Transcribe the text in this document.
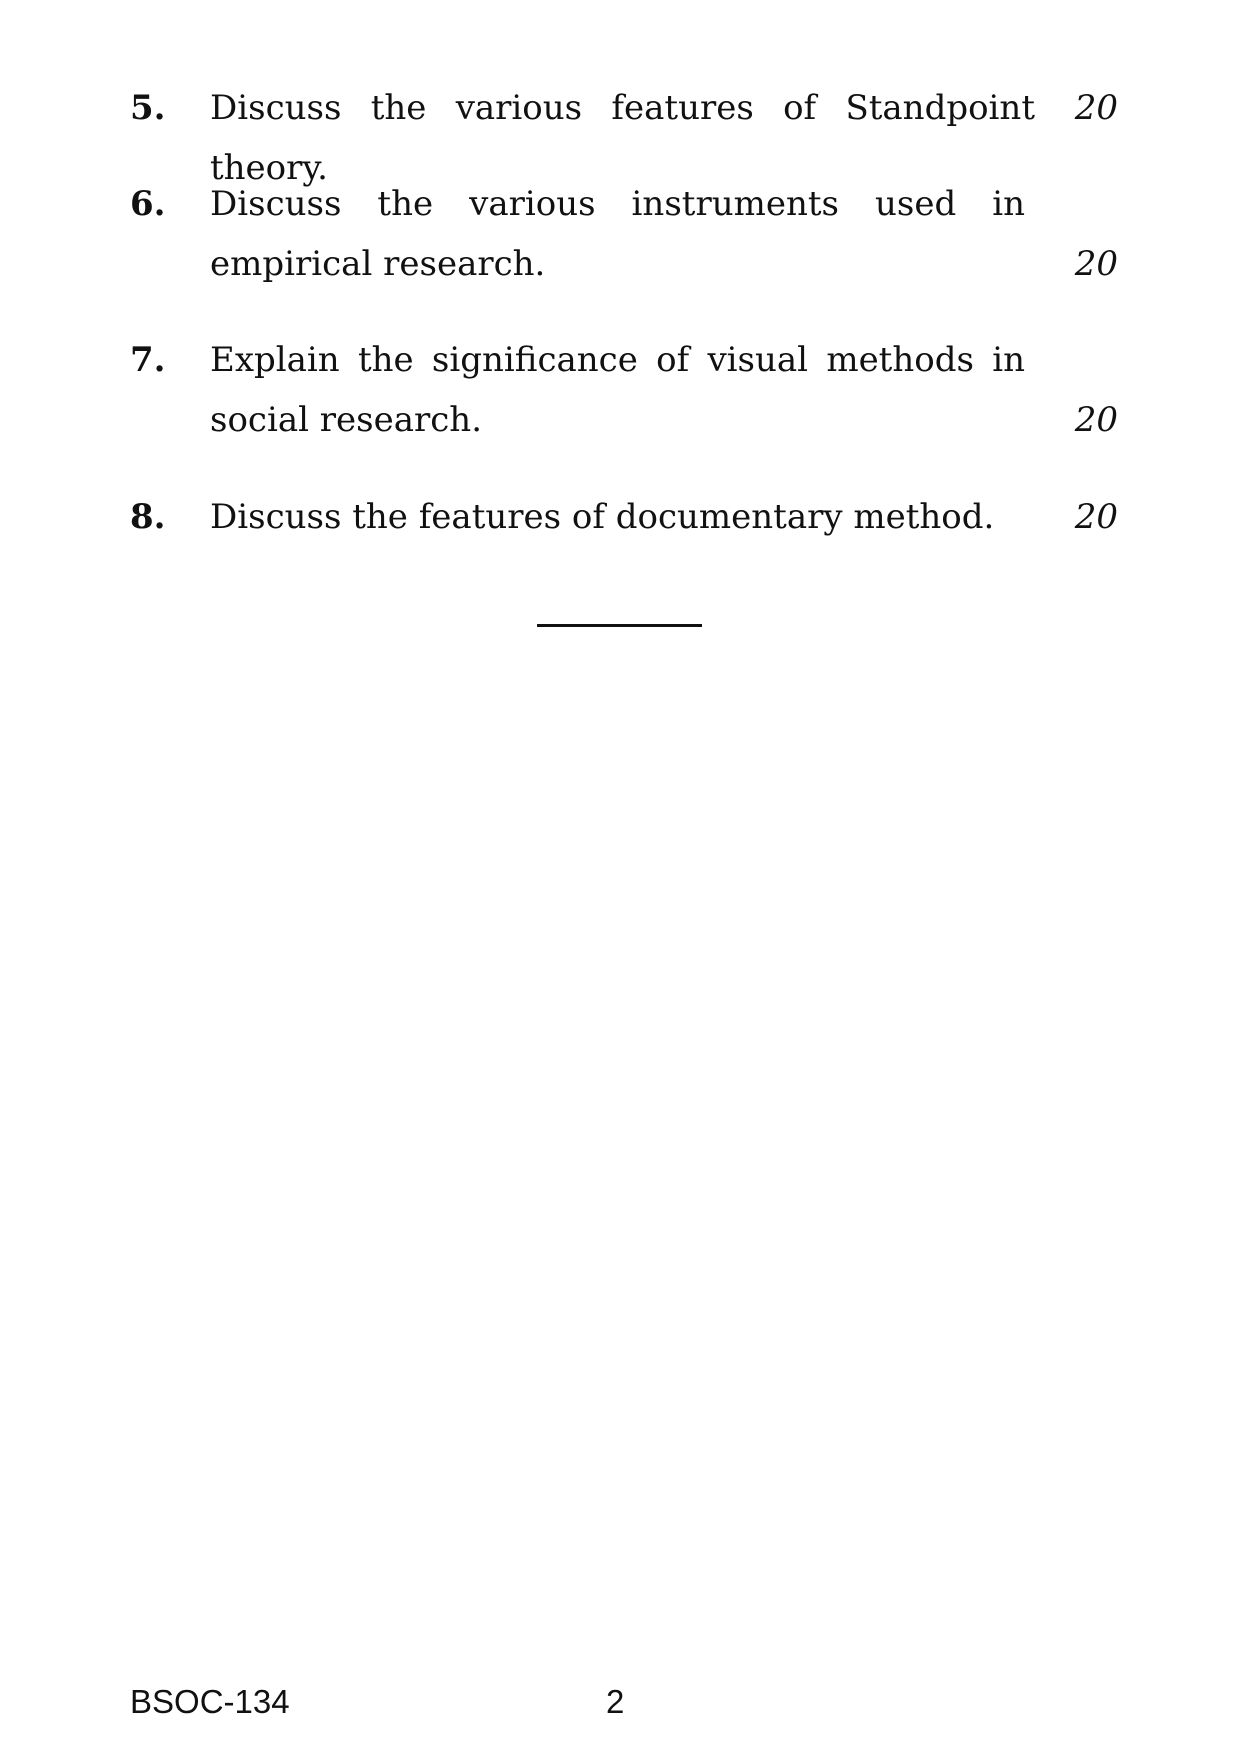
5. Discuss the various features of Standpoint theory.
20
6. Discuss the various instruments used in
empirical research.	20
7. Explain the significance of visual methods in
social research.	20
8. Discuss the features of documentary method.	20
BSOC-134	2
